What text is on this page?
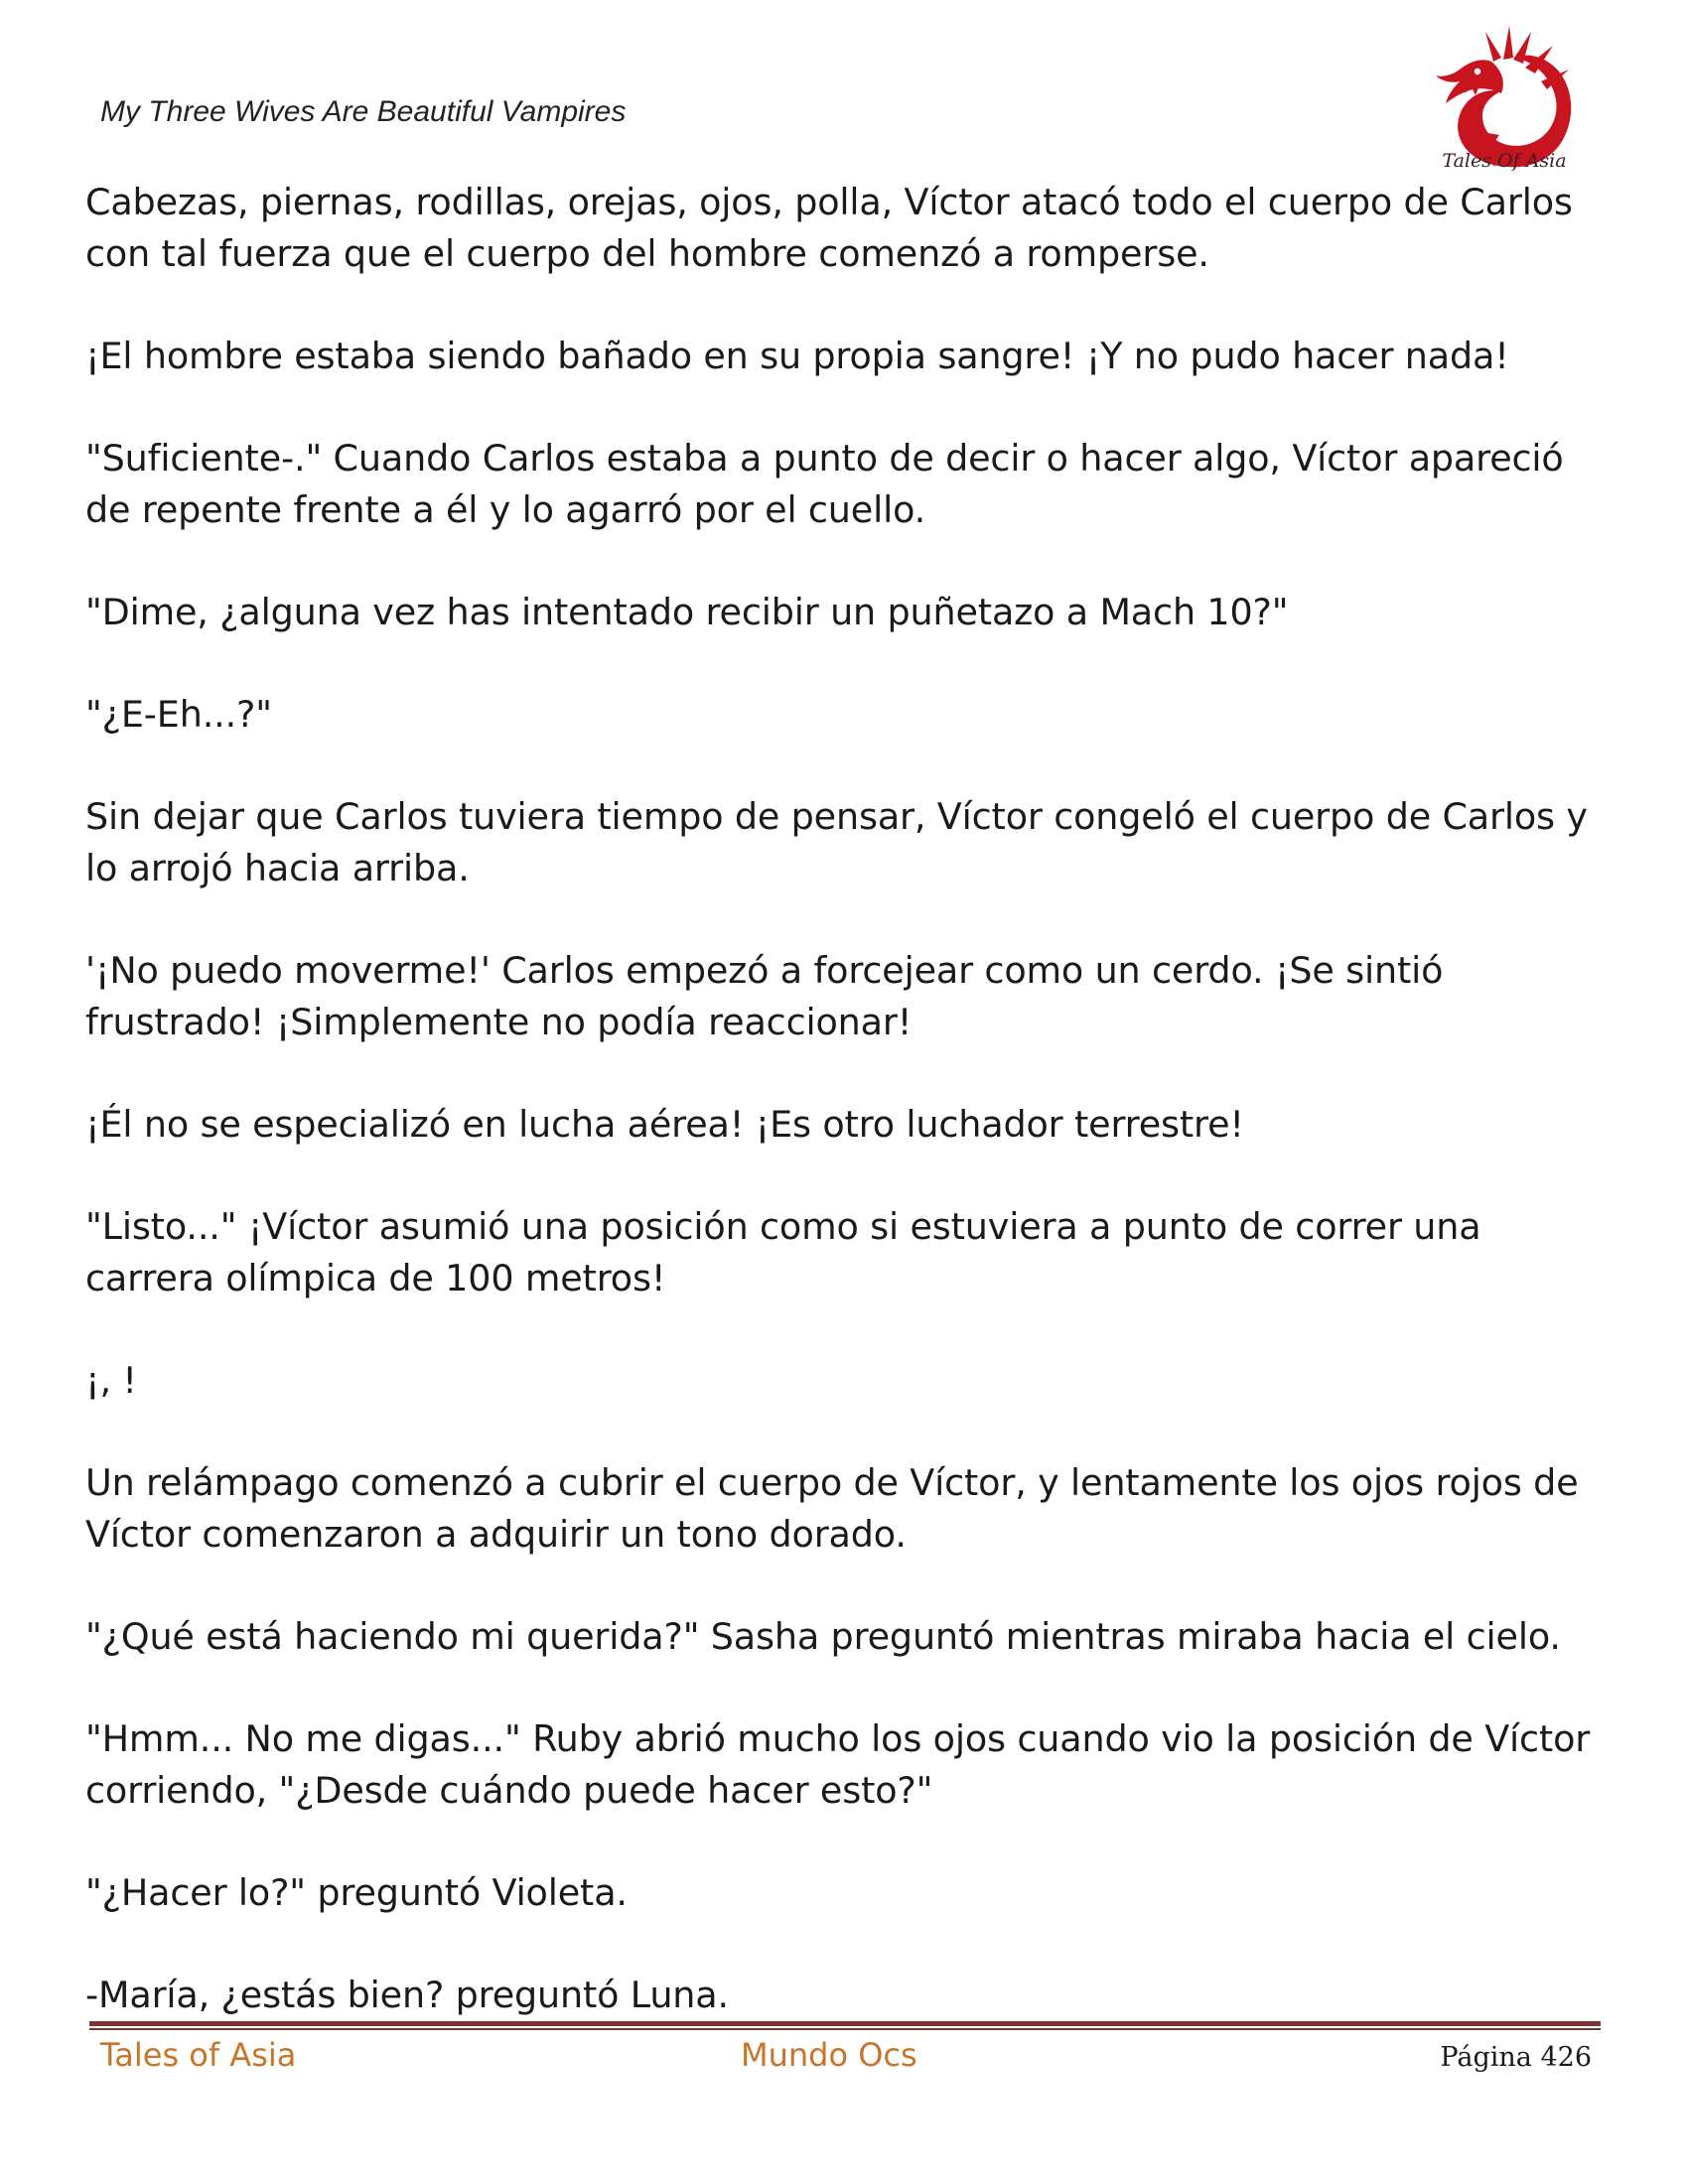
My Three Wives Are Beautiful Vampires
Tales Of Asia

Cabezas, piernas, rodillas, orejas, ojos, polla, Víctor atacó todo el cuerpo de Carlos con tal fuerza que el cuerpo del hombre comenzó a romperse.

¡El hombre estaba siendo bañado en su propia sangre! ¡Y no pudo hacer nada!

"Suficiente-." Cuando Carlos estaba a punto de decir o hacer algo, Víctor apareció de repente frente a él y lo agarró por el cuello.

"Dime, ¿alguna vez has intentado recibir un puñetazo a Mach 10?"

"¿E-Eh...?"

Sin dejar que Carlos tuviera tiempo de pensar, Víctor congeló el cuerpo de Carlos y lo arrojó hacia arriba.

'¡No puedo moverme!' Carlos empezó a forcejear como un cerdo. ¡Se sintió frustrado! ¡Simplemente no podía reaccionar!

¡Él no se especializó en lucha aérea! ¡Es otro luchador terrestre!

"Listo..." ¡Víctor asumió una posición como si estuviera a punto de correr una carrera olímpica de 100 metros!

¡, !

Un relámpago comenzó a cubrir el cuerpo de Víctor, y lentamente los ojos rojos de Víctor comenzaron a adquirir un tono dorado.

"¿Qué está haciendo mi querida?" Sasha preguntó mientras miraba hacia el cielo.

"Hmm... No me digas..." Ruby abrió mucho los ojos cuando vio la posición de Víctor corriendo, "¿Desde cuándo puede hacer esto?"

"¿Hacer lo?" preguntó Violeta.

-María, ¿estás bien? preguntó Luna.

Tales of Asia	Mundo Ocs	Página 426
